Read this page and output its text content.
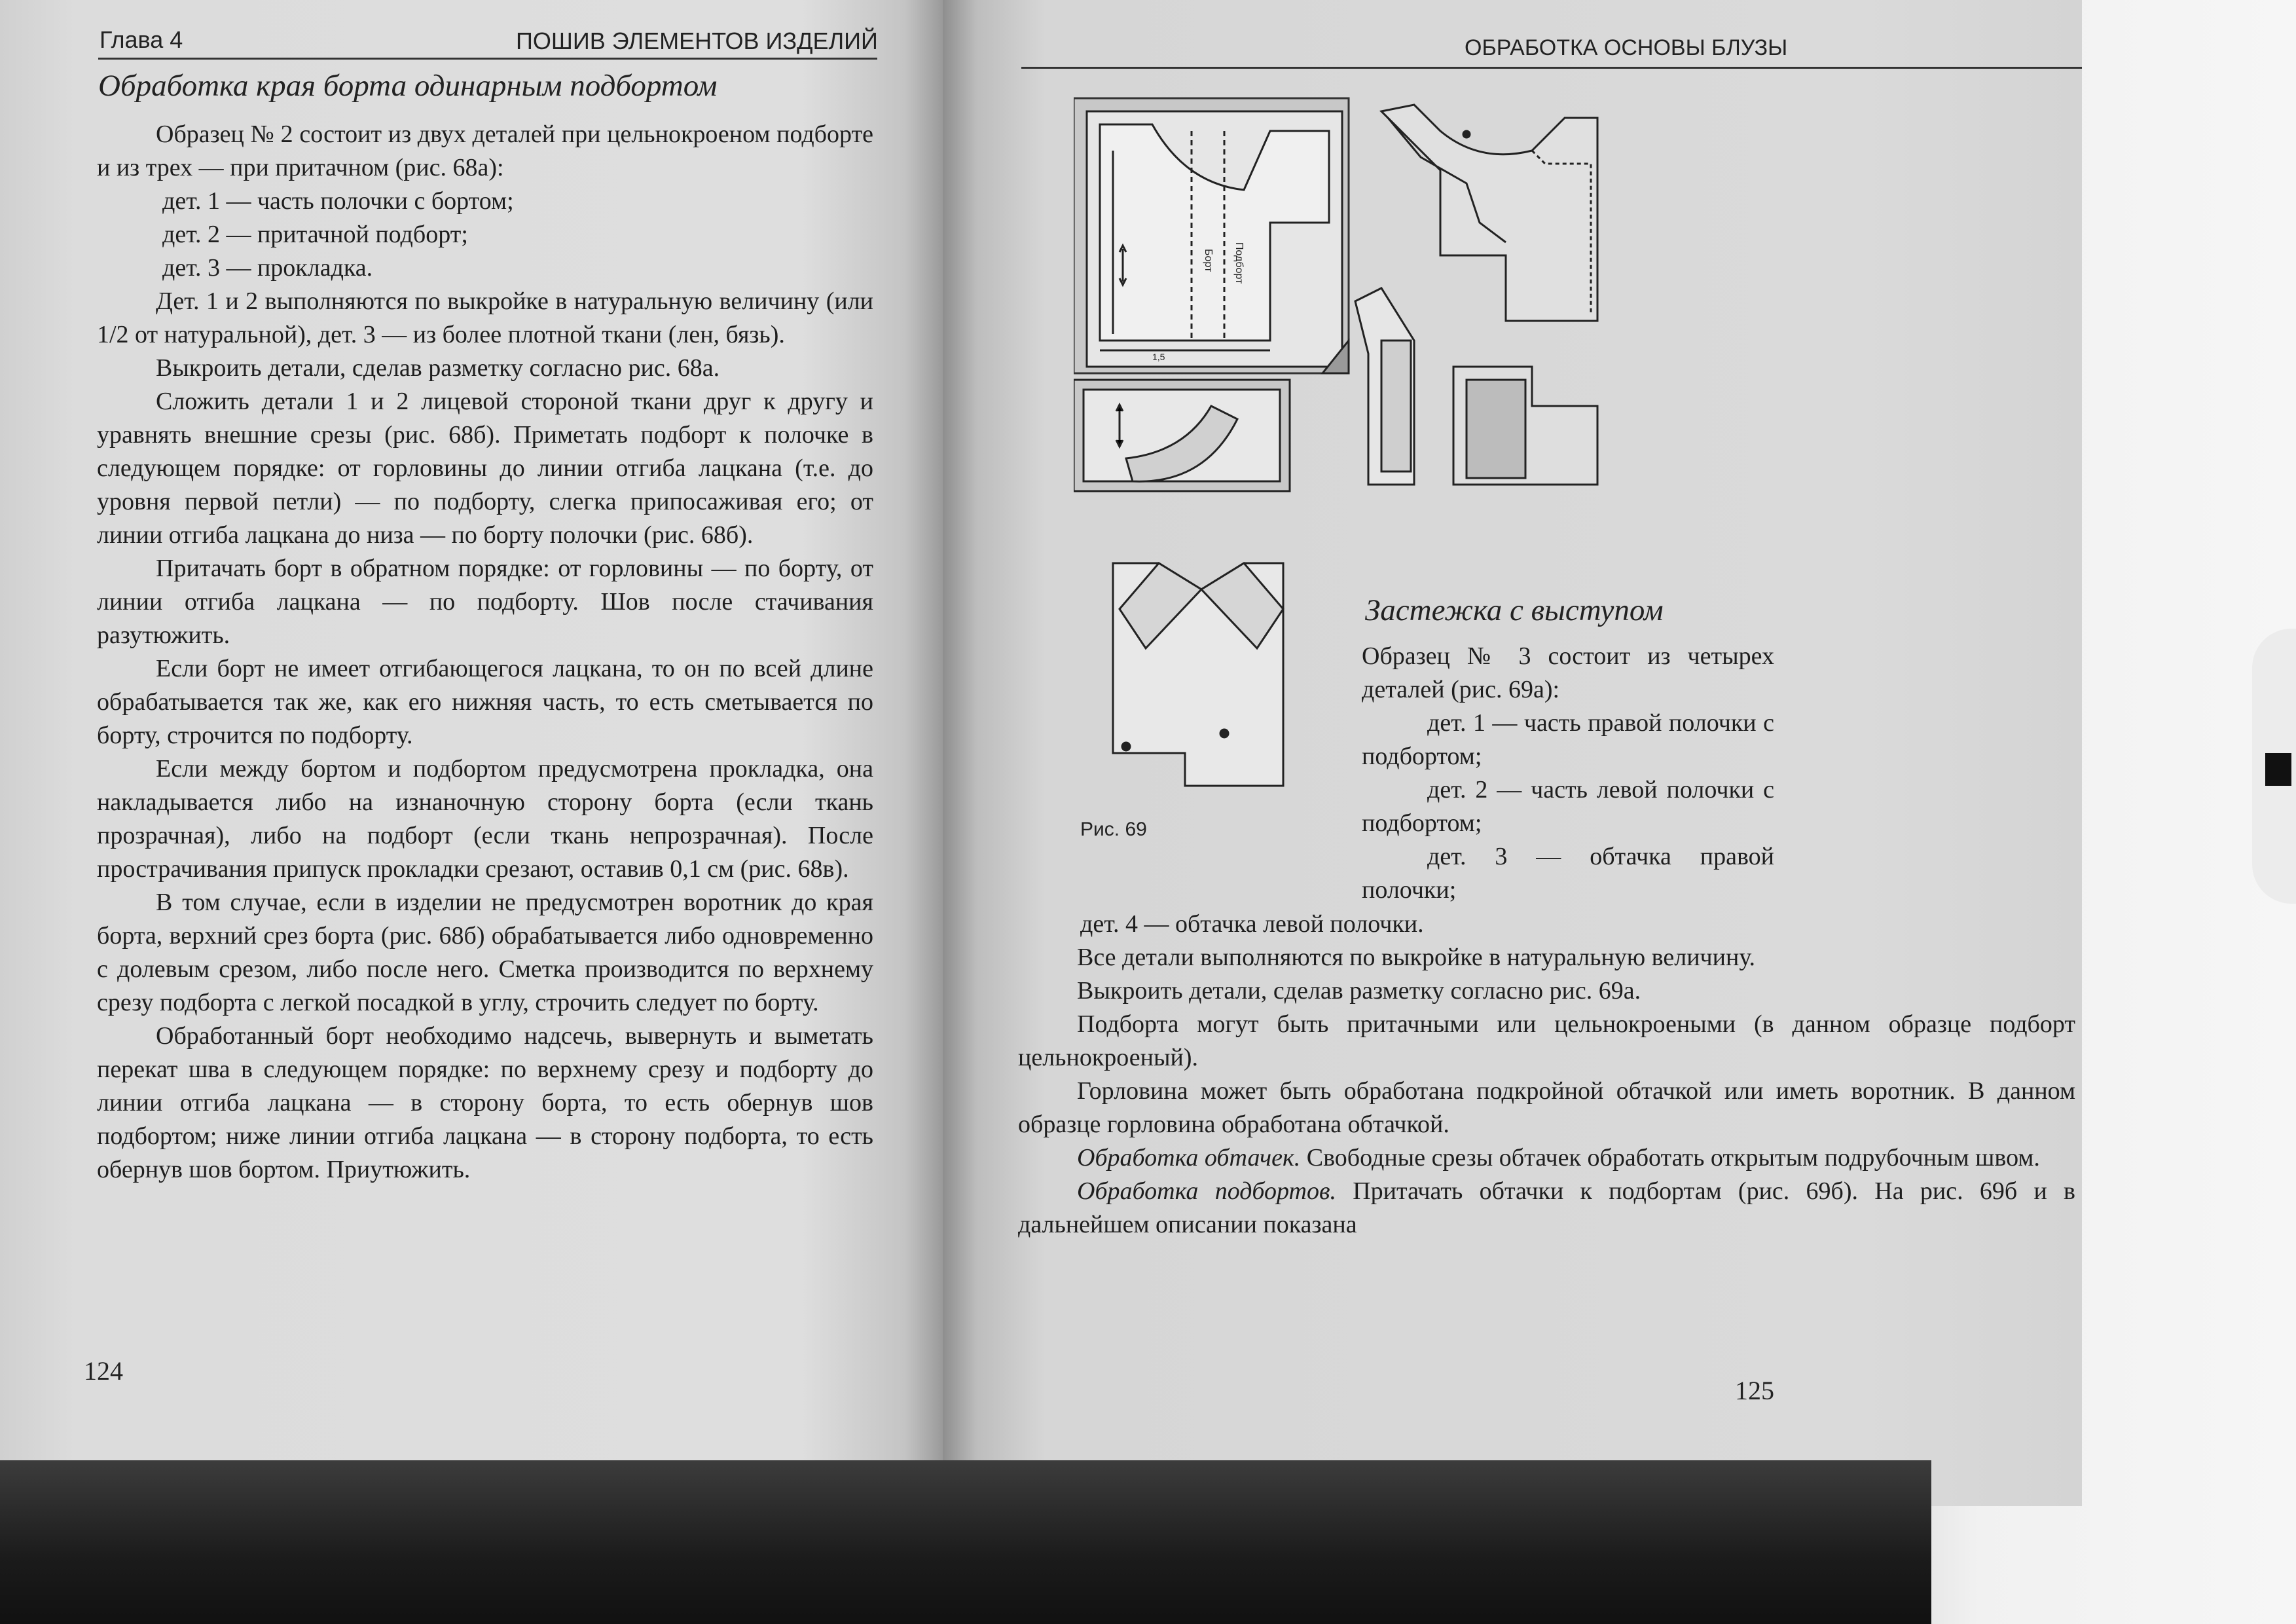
Глава 4	ПОШИВ ЭЛЕМЕНТОВ ИЗДЕЛИЙ
Обработка края борта одинарным подбортом

Образец № 2 состоит из двух деталей при цельнокроеном подборте и из трех — при притачном (рис. 68а):

дет. 1 — часть полочки с бортом;

дет. 2 — притачной подборт;

дет. 3 — прокладка.

Дет. 1 и 2 выполняются по выкройке в натуральную величину (или 1/2 от натуральной), дет. 3 — из более плотной ткани (лен, бязь).

Выкроить детали, сделав разметку согласно рис. 68а.

Сложить детали 1 и 2 лицевой стороной ткани друг к другу и уравнять внешние срезы (рис. 68б). Приметать подборт к полочке в следующем порядке: от горловины до линии отгиба лацкана (т.е. до уровня первой петли) — по подборту, слегка припосаживая его; от линии отгиба лацкана до низа — по борту полочки (рис. 68б).

Притачать борт в обратном порядке: от горловины — по борту, от линии отгиба лацкана — по подборту. Шов после стачивания разутюжить.

Если борт не имеет отгибающегося лацкана, то он по всей длине обрабатывается так же, как его нижняя часть, то есть сметывается по борту, строчится по подборту.

Если между бортом и подбортом предусмотрена прокладка, она накладывается либо на изнаночную сторону борта (если ткань прозрачная), либо на подборт (если ткань непрозрачная). После прострачивания припуск прокладки срезают, оставив 0,1 см (рис. 68в).

В том случае, если в изделии не предусмотрен воротник до края борта, верхний срез борта (рис. 68б) обрабатывается либо одновременно с долевым срезом, либо после него. Сметка производится по верхнему срезу подборта с легкой посадкой в углу, строчить следует по борту.

Обработанный борт необходимо надсечь, вывернуть и выметать перекат шва в следующем порядке: по верхнему срезу и подборту до линии отгиба лацкана — в сторону борта, то есть обернув шов подбортом; ниже линии отгиба лацкана — в сторону подборта, то есть обернув шов бортом. Приутюжить.

124
ОБРАБОТКА ОСНОВЫ БЛУЗЫ
Борт Подборт
1,5
Рис. 69
Застежка с выступом

Образец № 3 состоит из четырех деталей (рис. 69а):

дет. 1 — часть правой полочки с подбортом;

дет. 2 — часть левой полочки с подбортом;

дет. 3 — обтачка правой полочки;

дет. 4 — обтачка левой полочки.

Все детали выполняются по выкройке в натуральную величину.

Выкроить детали, сделав разметку согласно рис. 69а.

Подборта могут быть притачными или цельнокроеными (в данном образце подборт цельнокроеный).

Горловина может быть обработана подкройной обтачкой или иметь воротник. В данном образце горловина обработана обтачкой.

Обработка обтачек. Свободные срезы обтачек обработать открытым подрубочным швом.

Обработка подбортов. Притачать обтачки к подбортам (рис. 69б). На рис. 69б и в дальнейшем описании показана

125
